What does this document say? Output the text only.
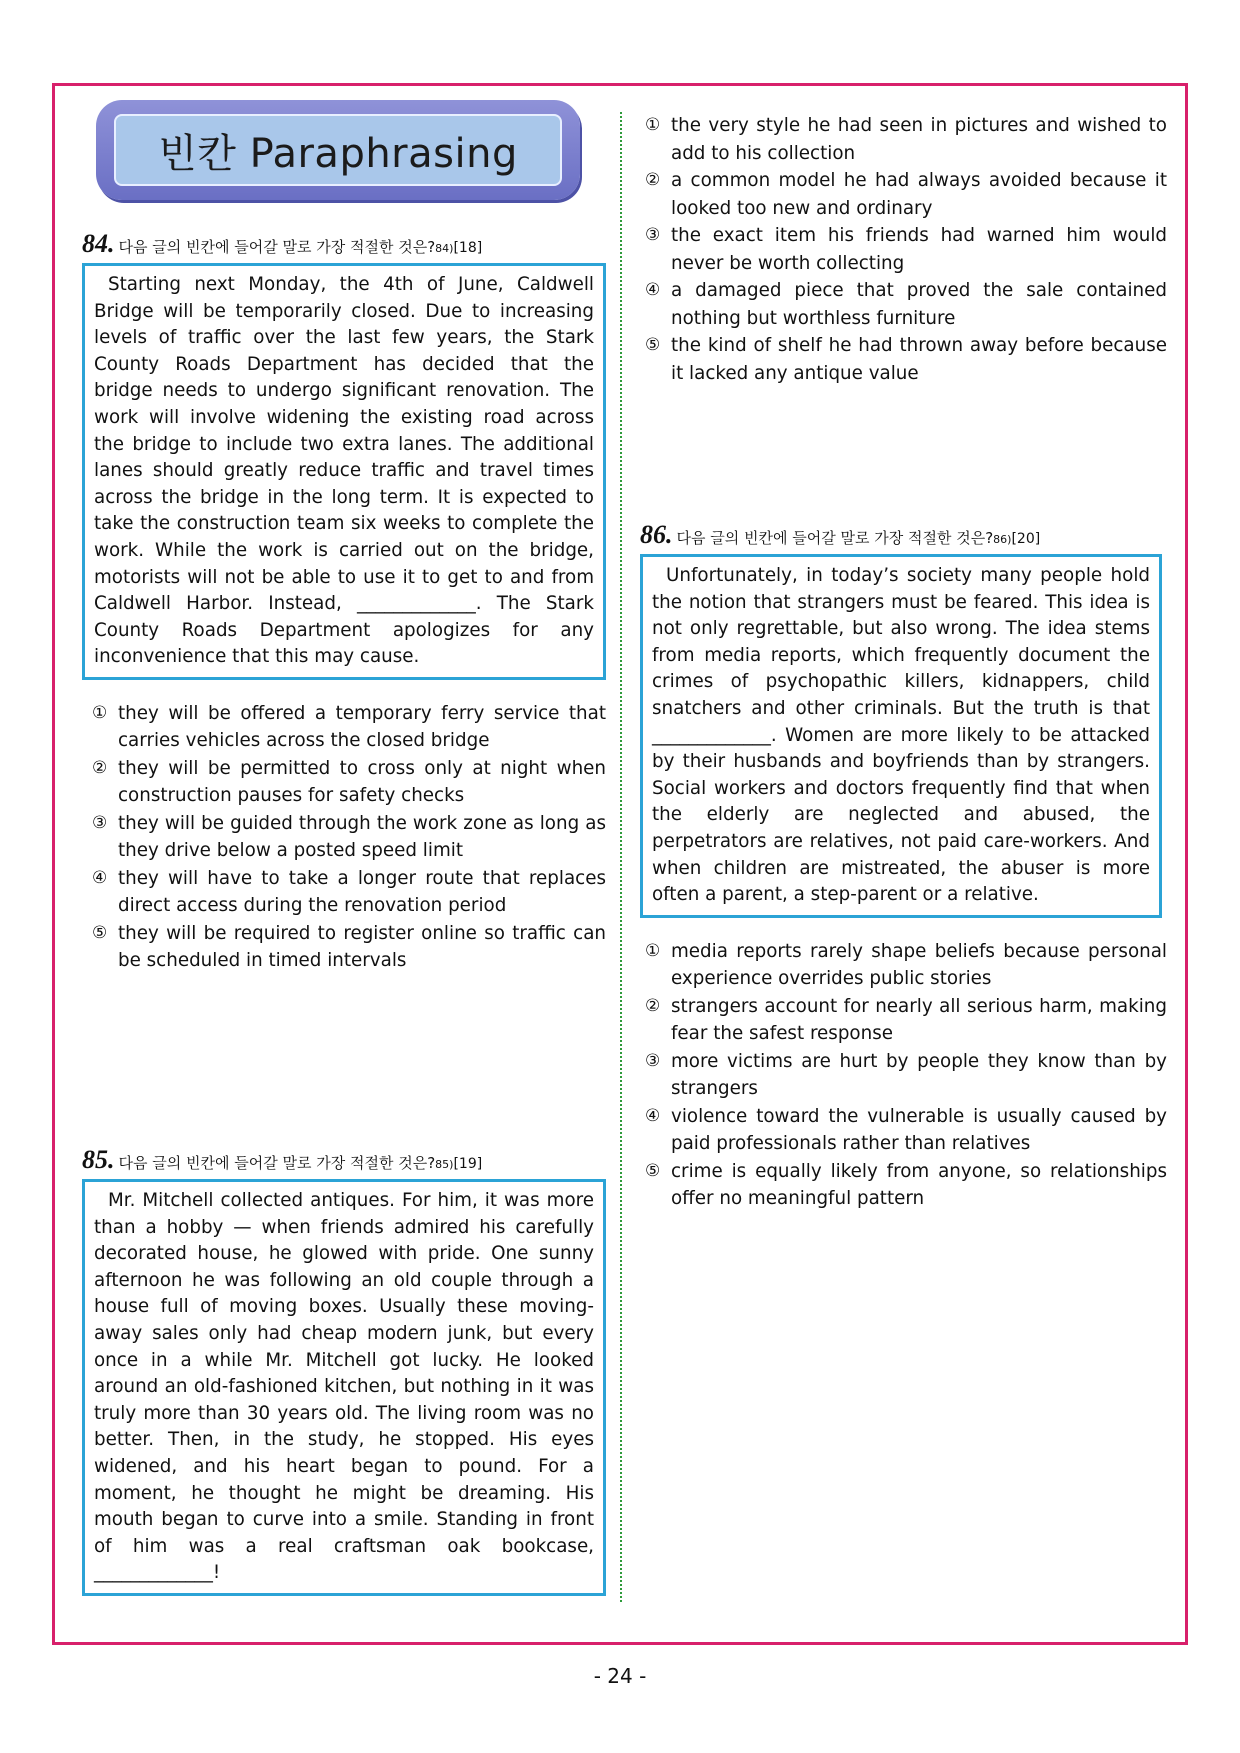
빈칸 Paraphrasing
84. 다음 글의 빈칸에 들어갈 말로 가장 적절한 것은? 84) [18]

Starting next Monday, the 4th of June, Caldwell Bridge will be temporarily closed. Due to increasing levels of traffic over the last few years, the Stark County Roads Department has decided that the bridge needs to undergo significant renovation. The work will involve widening the existing road across the bridge to include two extra lanes. The additional lanes should greatly reduce traffic and travel times across the bridge in the long term. It is expected to take the construction team six weeks to complete the work. While the work is carried out on the bridge, motorists will not be able to use it to get to and from Caldwell Harbor. Instead, _____________. The Stark County Roads Department apologizes for any inconvenience that this may cause.

① they will be offered a temporary ferry service that carries vehicles across the closed bridge
② they will be permitted to cross only at night when construction pauses for safety checks
③ they will be guided through the work zone as long as they drive below a posted speed limit
④ they will have to take a longer route that replaces direct access during the renovation period
⑤ they will be required to register online so traffic can be scheduled in timed intervals
85. 다음 글의 빈칸에 들어갈 말로 가장 적절한 것은? 85) [19]

Mr. Mitchell collected antiques. For him, it was more than a hobby — when friends admired his carefully decorated house, he glowed with pride. One sunny afternoon he was following an old couple through a house full of moving boxes. Usually these moving-away sales only had cheap modern junk, but every once in a while Mr. Mitchell got lucky. He looked around an old-fashioned kitchen, but nothing in it was truly more than 30 years old. The living room was no better. Then, in the study, he stopped. His eyes widened, and his heart began to pound. For a moment, he thought he might be dreaming. His mouth began to curve into a smile. Standing in front of him was a real craftsman oak bookcase, _____________!

① the very style he had seen in pictures and wished to add to his collection
② a common model he had always avoided because it looked too new and ordinary
③ the exact item his friends had warned him would never be worth collecting
④ a damaged piece that proved the sale contained nothing but worthless furniture
⑤ the kind of shelf he had thrown away before because it lacked any antique value
86. 다음 글의 빈칸에 들어갈 말로 가장 적절한 것은? 86) [20]

Unfortunately, in today’s society many people hold the notion that strangers must be feared. This idea is not only regrettable, but also wrong. The idea stems from media reports, which frequently document the crimes of psychopathic killers, kidnappers, child snatchers and other criminals. But the truth is that _____________. Women are more likely to be attacked by their husbands and boyfriends than by strangers. Social workers and doctors frequently find that when the elderly are neglected and abused, the perpetrators are relatives, not paid care-workers. And when children are mistreated, the abuser is more often a parent, a step-parent or a relative.

① media reports rarely shape beliefs because personal experience overrides public stories
② strangers account for nearly all serious harm, making fear the safest response
③ more victims are hurt by people they know than by strangers
④ violence toward the vulnerable is usually caused by paid professionals rather than relatives
⑤ crime is equally likely from anyone, so relationships offer no meaningful pattern
- 24 -
